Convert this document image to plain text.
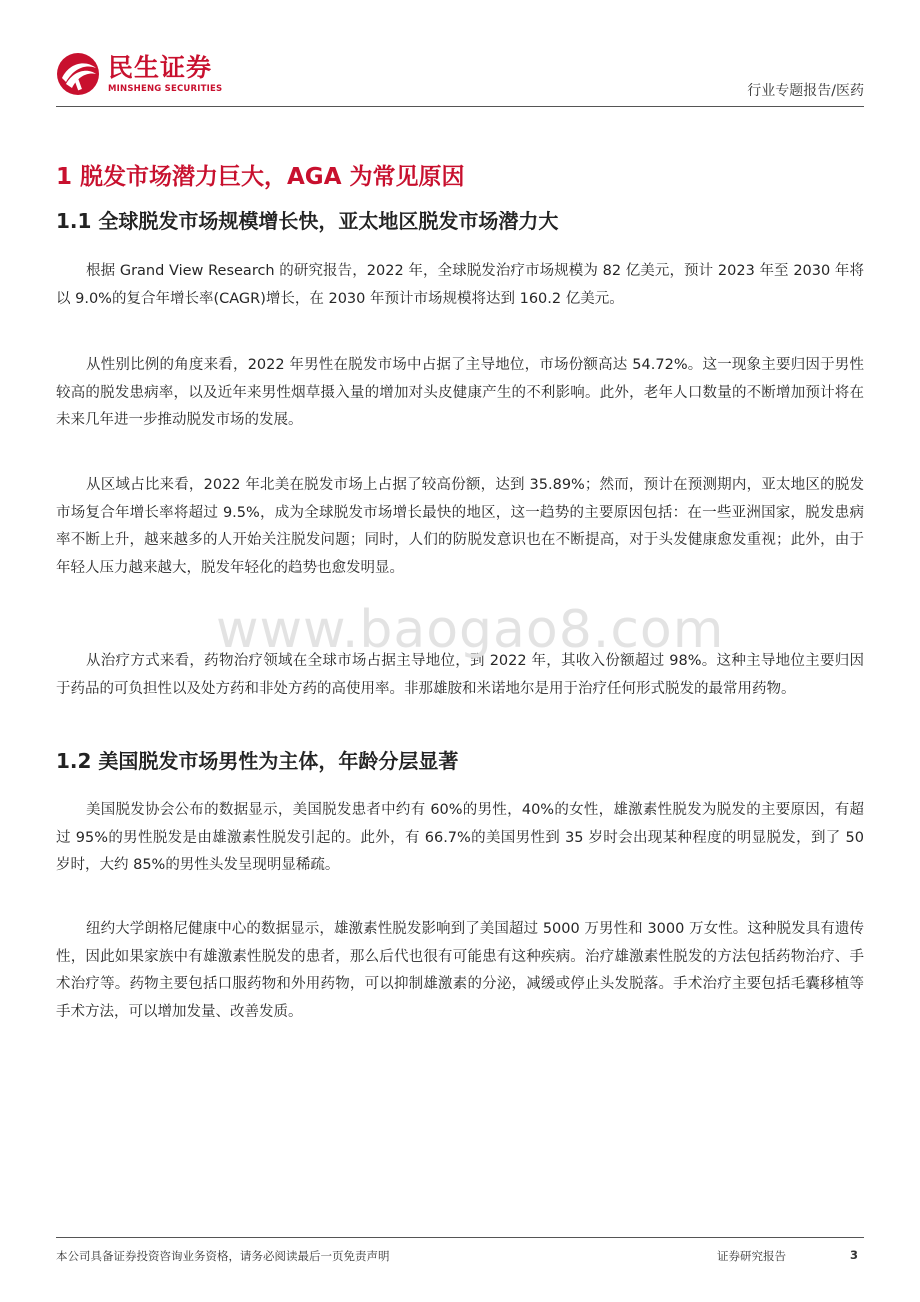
民生证券
MINSHENG SECURITIES	行业专题报告/医药
1 脱发市场潜力巨大，AGA 为常见原因
1.1 全球脱发市场规模增长快，亚太地区脱发市场潜力大

根据 Grand View Research 的研究报告，2022 年，全球脱发治疗市场规模为 82 亿美元，预计 2023 年至 2030 年将以 9.0%的复合年增长率(CAGR)增长，在 2030 年预计市场规模将达到 160.2 亿美元。

从性别比例的角度来看，2022 年男性在脱发市场中占据了主导地位，市场份额高达 54.72%。这一现象主要归因于男性较高的脱发患病率，以及近年来男性烟草摄入量的增加对头皮健康产生的不利影响。此外，老年人口数量的不断增加预计将在未来几年进一步推动脱发市场的发展。

从区域占比来看，2022 年北美在脱发市场上占据了较高份额，达到 35.89%；然而，预计在预测期内，亚太地区的脱发市场复合年增长率将超过 9.5%，成为全球脱发市场增长最快的地区，这一趋势的主要原因包括：在一些亚洲国家，脱发患病率不断上升，越来越多的人开始关注脱发问题；同时，人们的防脱发意识也在不断提高，对于头发健康愈发重视；此外，由于年轻人压力越来越大，脱发年轻化的趋势也愈发明显。

从治疗方式来看，药物治疗领域在全球市场占据主导地位，到 2022 年，其收入份额超过 98%。这种主导地位主要归因于药品的可负担性以及处方药和非处方药的高使用率。非那雄胺和米诺地尔是用于治疗任何形式脱发的最常用药物。

www.baogao8.com
1.2 美国脱发市场男性为主体，年龄分层显著

美国脱发协会公布的数据显示，美国脱发患者中约有 60%的男性，40%的女性，雄激素性脱发为脱发的主要原因，有超过 95%的男性脱发是由雄激素性脱发引起的。此外，有 66.7%的美国男性到 35 岁时会出现某种程度的明显脱发，到了 50 岁时，大约 85%的男性头发呈现明显稀疏。

纽约大学朗格尼健康中心的数据显示，雄激素性脱发影响到了美国超过 5000 万男性和 3000 万女性。这种脱发具有遗传性，因此如果家族中有雄激素性脱发的患者，那么后代也很有可能患有这种疾病。治疗雄激素性脱发的方法包括药物治疗、手术治疗等。药物主要包括口服药物和外用药物，可以抑制雄激素的分泌，减缓或停止头发脱落。手术治疗主要包括毛囊移植等手术方法，可以增加发量、改善发质。

本公司具备证券投资咨询业务资格，请务必阅读最后一页免责声明	证券研究报告	3
